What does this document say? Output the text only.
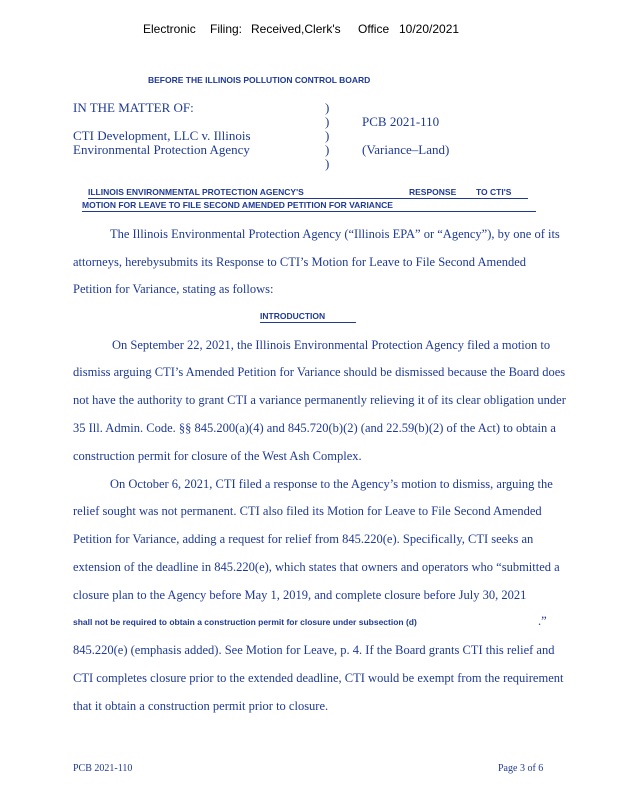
Electronic Filing: Received,Clerk's Office 10/20/2021
BEFORE THE ILLINOIS POLLUTION CONTROL BOARD
IN THE MATTER OF:
CTI Development, LLC v. Illinois
Environmental Protection Agency
)
)
)
)
)
PCB 2021-110
(Variance–Land)
ILLINOIS ENVIRONMENTAL PROTECTION AGENCY'S	RESPONSE TO CTI'S
MOTION FOR LEAVE TO FILE SECOND AMENDED PETITION FOR VARIANCE
The Illinois Environmental Protection Agency (“Illinois EPA” or “Agency”), by one of its
attorneys, herebysubmits its Response to CTI’s Motion for Leave to File Second Amended
Petition for Variance, stating as follows:
INTRODUCTION
On September 22, 2021, the Illinois Environmental Protection Agency filed a motion to
dismiss arguing CTI’s Amended Petition for Variance should be dismissed because the Board does
not have the authority to grant CTI a variance permanently relieving it of its clear obligation under
35 Ill. Admin. Code. §§ 845.200(a)(4) and 845.720(b)(2) (and 22.59(b)(2) of the Act) to obtain a
construction permit for closure of the West Ash Complex.
On October 6, 2021, CTI filed a response to the Agency’s motion to dismiss, arguing the
relief sought was not permanent. CTI also filed its Motion for Leave to File Second Amended
Petition for Variance, adding a request for relief from 845.220(e). Specifically, CTI seeks an
extension of the deadline in 845.220(e), which states that owners and operators who “submitted a
closure plan to the Agency before May 1, 2019, and complete closure before July 30, 2021
shall not be required to obtain a construction permit for closure under subsection (d)	.”
845.220(e) (emphasis added). See Motion for Leave, p. 4. If the Board grants CTI this relief and
CTI completes closure prior to the extended deadline, CTI would be exempt from the requirement
that it obtain a construction permit prior to closure.
PCB 2021-110	Page 3 of 6
